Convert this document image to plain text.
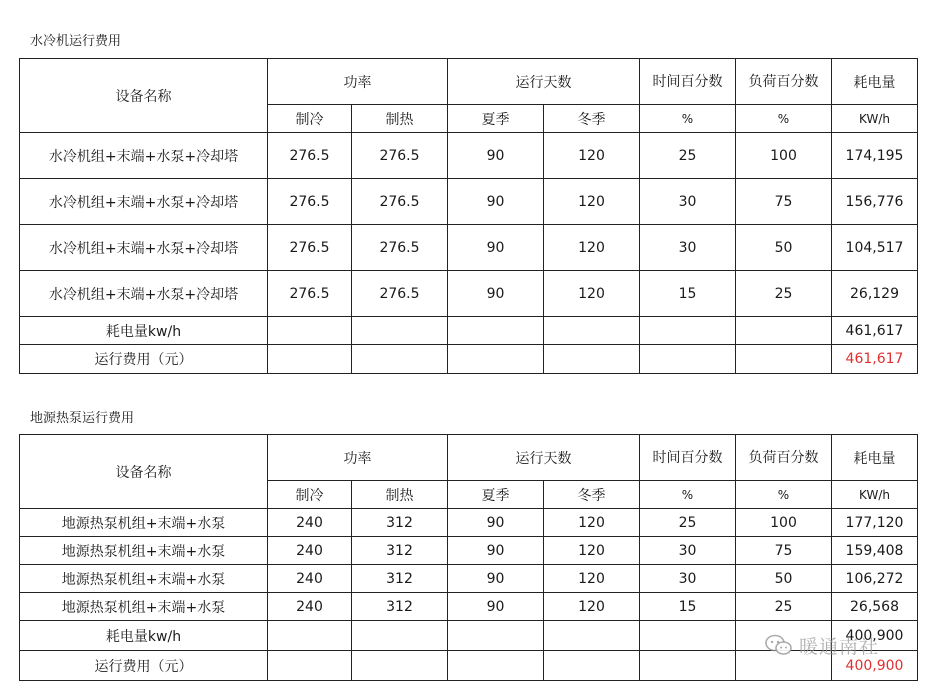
水冷机运行费用
设备名称	功率		运行天数		时间百分数	负荷百分数	耗电量
	制冷	制热	夏季	冬季	%	%	KW/h
水冷机组+末端+水泵+冷却塔	276.5	276.5	90	120	25	100	174,195
水冷机组+末端+水泵+冷却塔	276.5	276.5	90	120	30	75	156,776
水冷机组+末端+水泵+冷却塔	276.5	276.5	90	120	30	50	104,517
水冷机组+末端+水泵+冷却塔	276.5	276.5	90	120	15	25	26,129
耗电量kw/h							461,617
运行费用（元）							461,617
地源热泵运行费用
设备名称	功率		运行天数		时间百分数	负荷百分数	耗电量
	制冷	制热	夏季	冬季	%	%	KW/h
地源热泵机组+末端+水泵	240	312	90	120	25	100	177,120
地源热泵机组+末端+水泵	240	312	90	120	30	75	159,408
地源热泵机组+末端+水泵	240	312	90	120	30	50	106,272
地源热泵机组+末端+水泵	240	312	90	120	15	25	26,568
耗电量kw/h							400,900
运行费用（元）							400,900
暖通南社
